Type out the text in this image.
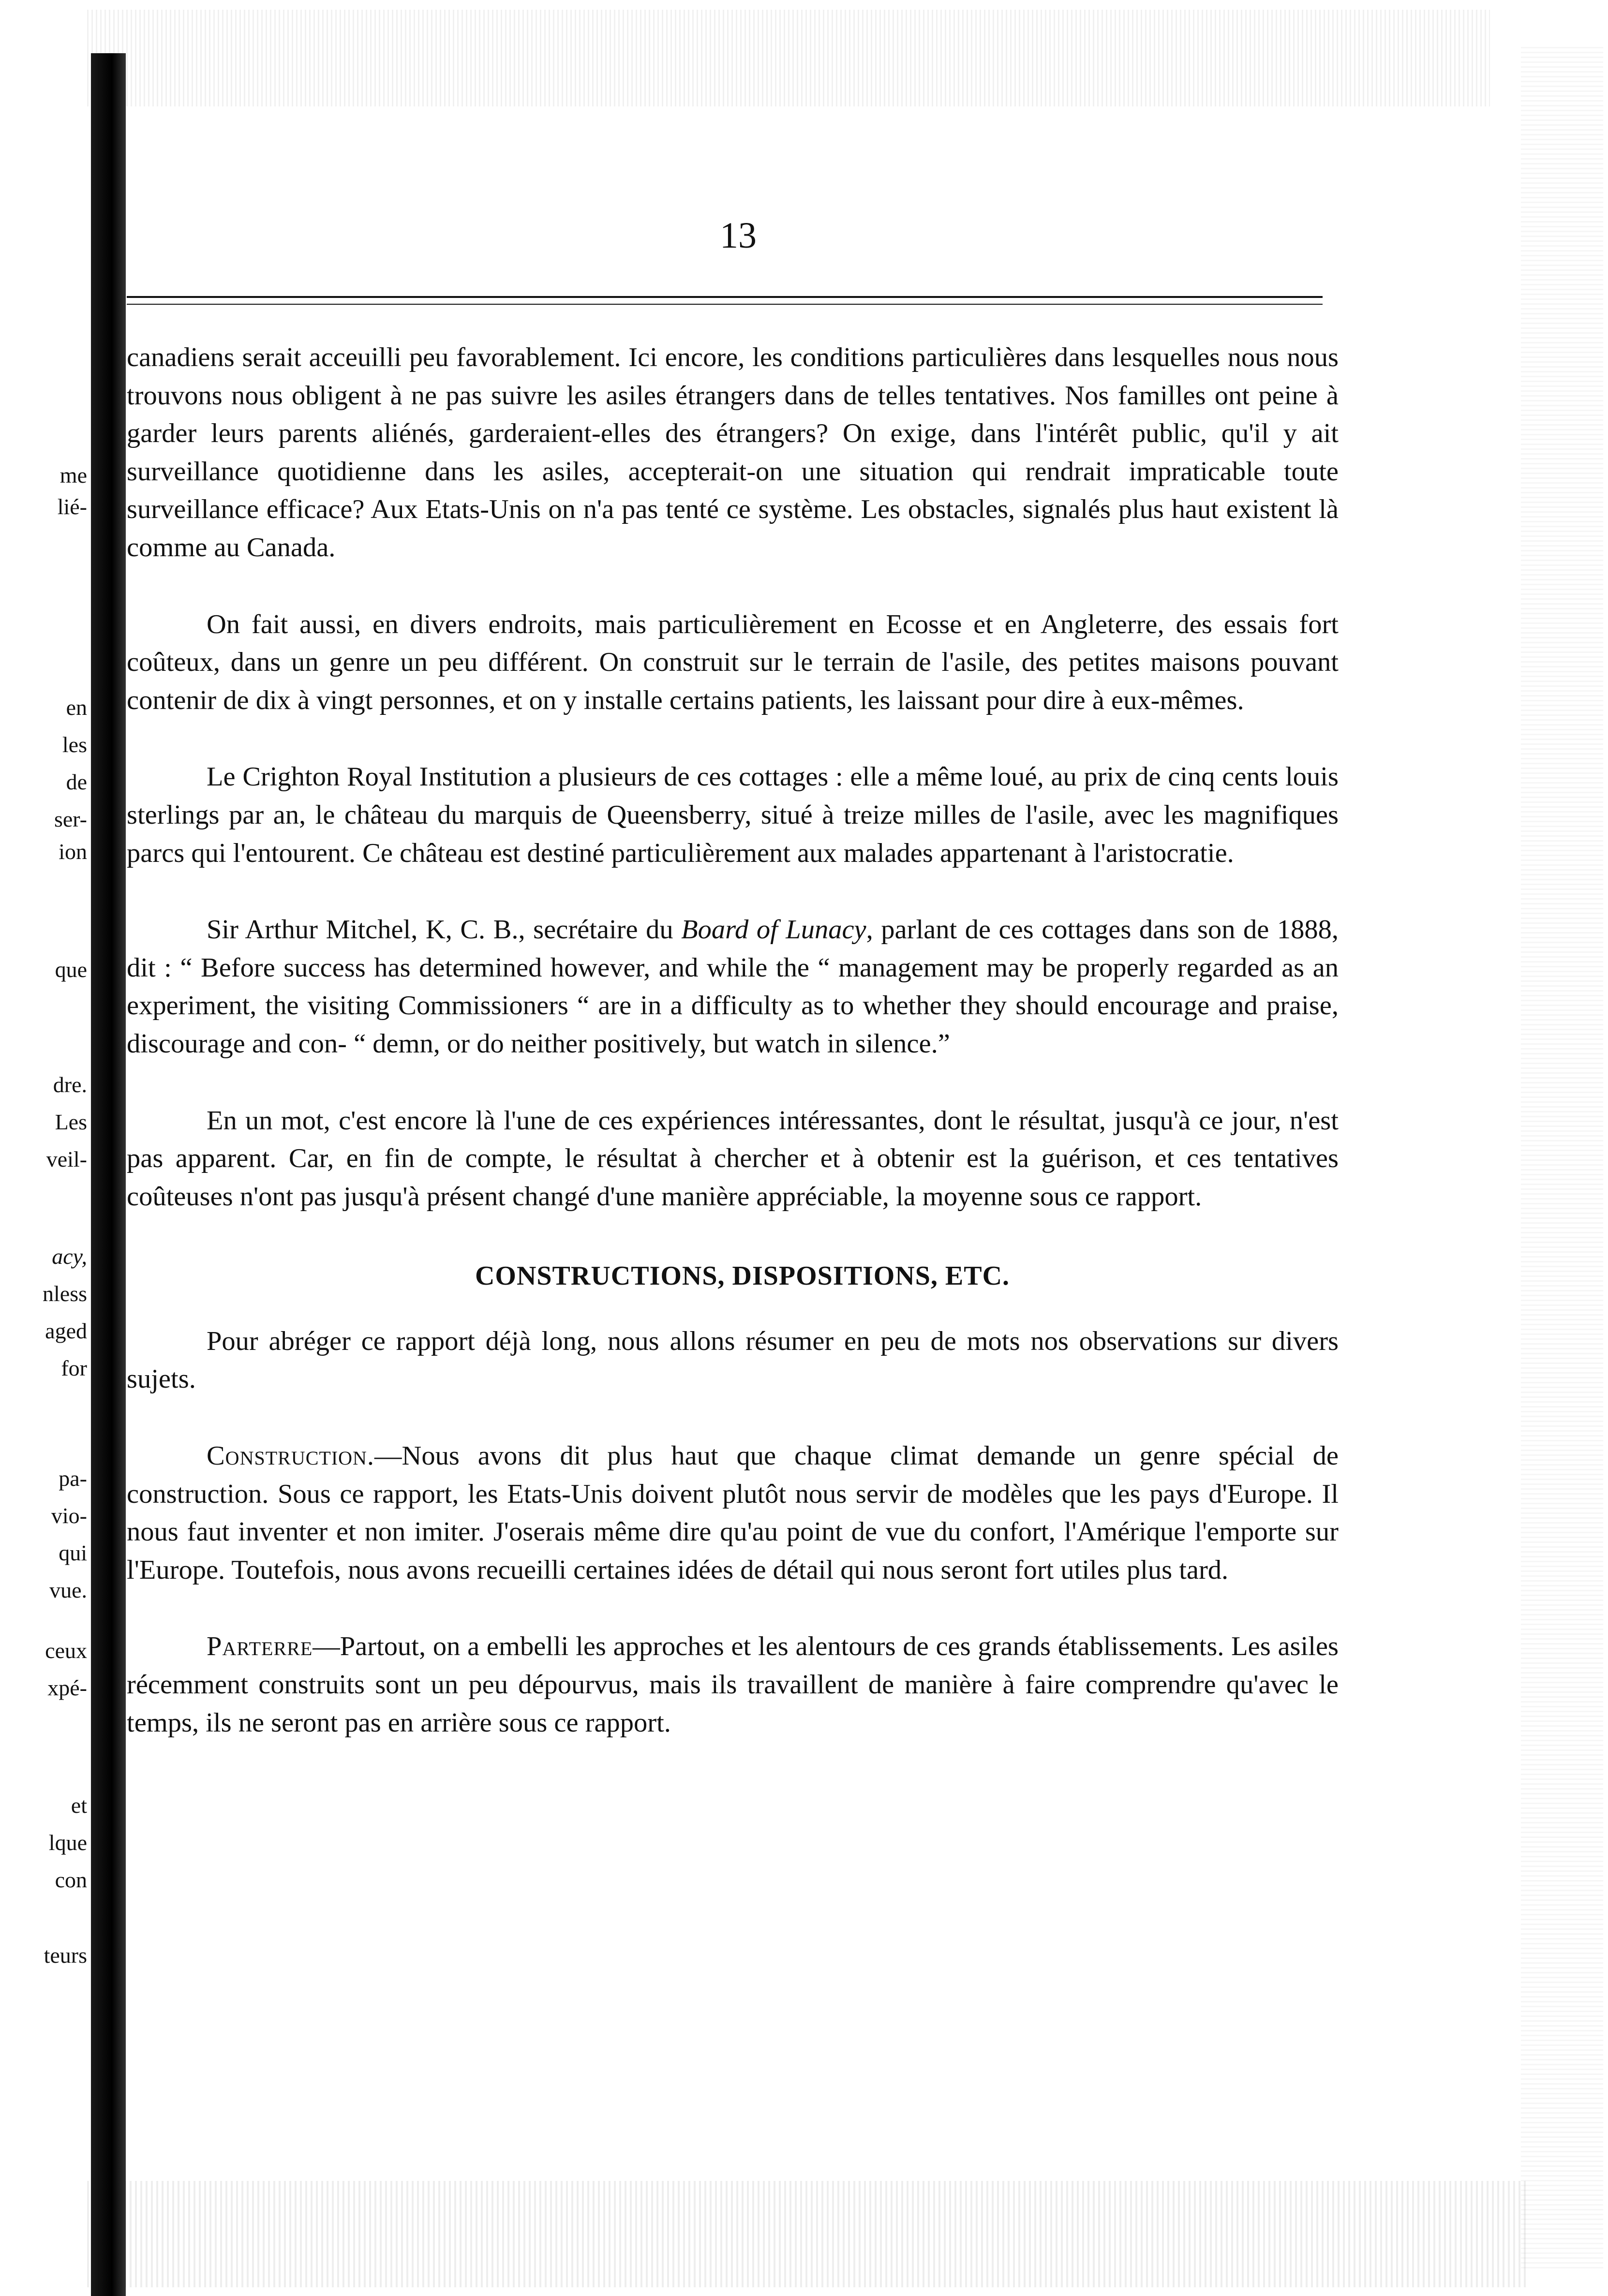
me
lié-
en
les
de
ser-
ion
que
dre.
Les
veil-
acy,
nless
aged
for
pa-
vio-
qui
vue.
ceux
xpé-
et
lque
con
teurs
13

canadiens serait acceuilli peu favorablement. Ici encore, les conditions particulières dans lesquelles nous nous trouvons nous obligent à ne pas suivre les asiles étrangers dans de telles tentatives. Nos familles ont peine à garder leurs parents aliénés, garderaient-elles des étrangers? On exige, dans l'intérêt public, qu'il y ait surveillance quotidienne dans les asiles, accepterait-on une situation qui rendrait impraticable toute surveillance efficace? Aux Etats-Unis on n'a pas tenté ce système. Les obstacles, signalés plus haut existent là comme au Canada.

On fait aussi, en divers endroits, mais particulièrement en Ecosse et en Angleterre, des essais fort coûteux, dans un genre un peu différent. On construit sur le terrain de l'asile, des petites maisons pouvant contenir de dix à vingt personnes, et on y installe certains patients, les laissant pour dire à eux-mêmes.

Le Crighton Royal Institution a plusieurs de ces cottages : elle a même loué, au prix de cinq cents louis sterlings par an, le château du marquis de Queensberry, situé à treize milles de l'asile, avec les magnifiques parcs qui l'entourent. Ce château est destiné particulièrement aux malades appartenant à l'aristocratie.

Sir Arthur Mitchel, K, C. B., secrétaire du Board of Lunacy, parlant de ces cottages dans son de 1888, dit : “ Before success has determined however, and while the “ management may be properly regarded as an experiment, the visiting Commissioners “ are in a difficulty as to whether they should encourage and praise, discourage and con- “ demn, or do neither positively, but watch in silence.”

En un mot, c'est encore là l'une de ces expériences intéressantes, dont le résultat, jusqu'à ce jour, n'est pas apparent. Car, en fin de compte, le résultat à chercher et à obtenir est la guérison, et ces tentatives coûteuses n'ont pas jusqu'à présent changé d'une manière appréciable, la moyenne sous ce rapport.

CONSTRUCTIONS, DISPOSITIONS, ETC.

Pour abréger ce rapport déjà long, nous allons résumer en peu de mots nos observations sur divers sujets.

Construction.—Nous avons dit plus haut que chaque climat demande un genre spécial de construction. Sous ce rapport, les Etats-Unis doivent plutôt nous servir de modèles que les pays d'Europe. Il nous faut inventer et non imiter. J'oserais même dire qu'au point de vue du confort, l'Amérique l'emporte sur l'Europe. Toutefois, nous avons recueilli certaines idées de détail qui nous seront fort utiles plus tard.

Parterre—Partout, on a embelli les approches et les alentours de ces grands établissements. Les asiles récemment construits sont un peu dépourvus, mais ils travaillent de manière à faire comprendre qu'avec le temps, ils ne seront pas en arrière sous ce rapport.
